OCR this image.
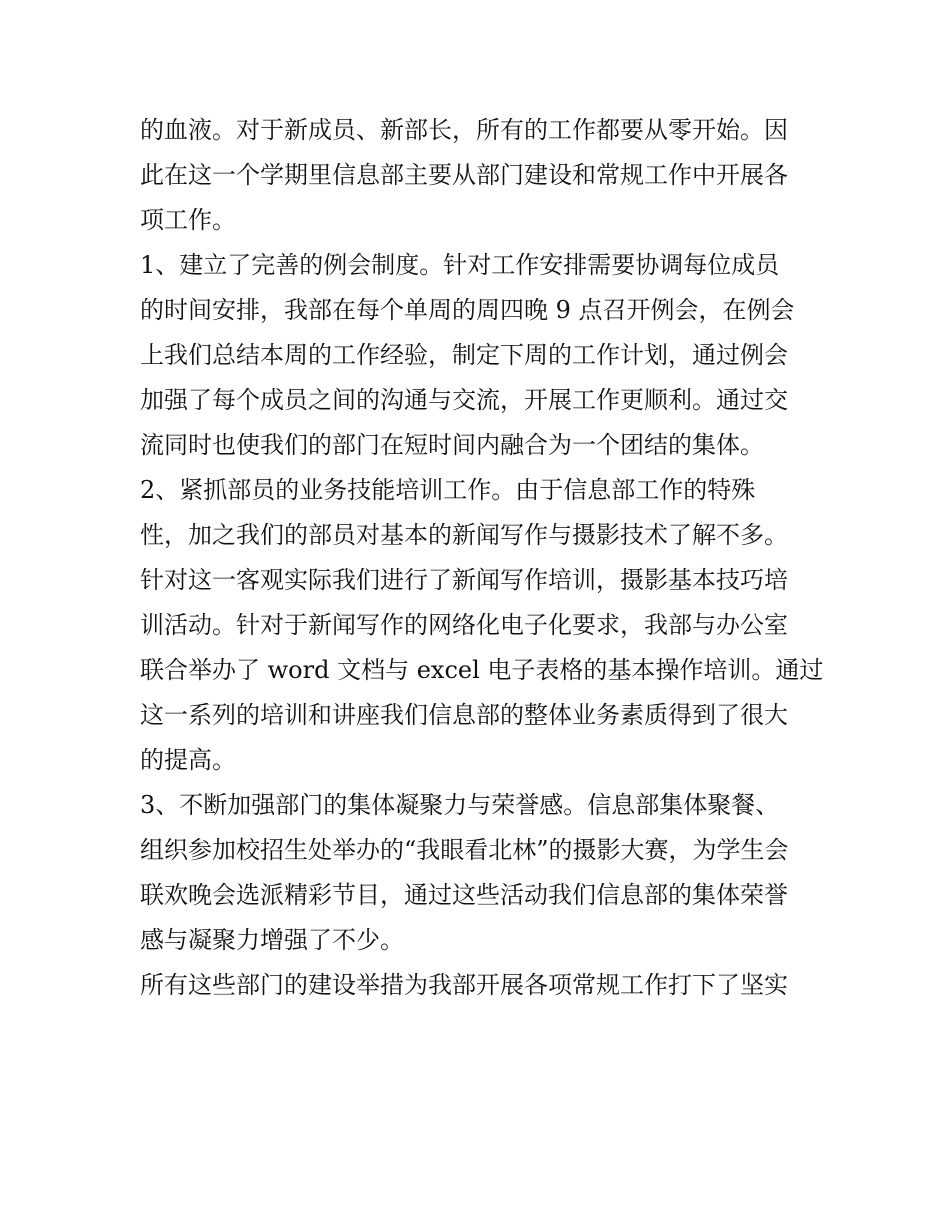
的血液。对于新成员、新部长，所有的工作都要从零开始。因
此在这一个学期里信息部主要从部门建设和常规工作中开展各
项工作。
1、建立了完善的例会制度。针对工作安排需要协调每位成员
的时间安排，我部在每个单周的周四晚 9 点召开例会，在例会
上我们总结本周的工作经验，制定下周的工作计划，通过例会
加强了每个成员之间的沟通与交流，开展工作更顺利。通过交
流同时也使我们的部门在短时间内融合为一个团结的集体。
2、紧抓部员的业务技能培训工作。由于信息部工作的特殊
性，加之我们的部员对基本的新闻写作与摄影技术了解不多。
针对这一客观实际我们进行了新闻写作培训，摄影基本技巧培
训活动。针对于新闻写作的网络化电子化要求，我部与办公室
联合举办了 word 文档与 excel 电子表格的基本操作培训。通过
这一系列的培训和讲座我们信息部的整体业务素质得到了很大
的提高。
3、不断加强部门的集体凝聚力与荣誉感。信息部集体聚餐、
组织参加校招生处举办的“我眼看北林”的摄影大赛，为学生会
联欢晚会选派精彩节目，通过这些活动我们信息部的集体荣誉
感与凝聚力增强了不少。
所有这些部门的建设举措为我部开展各项常规工作打下了坚实
